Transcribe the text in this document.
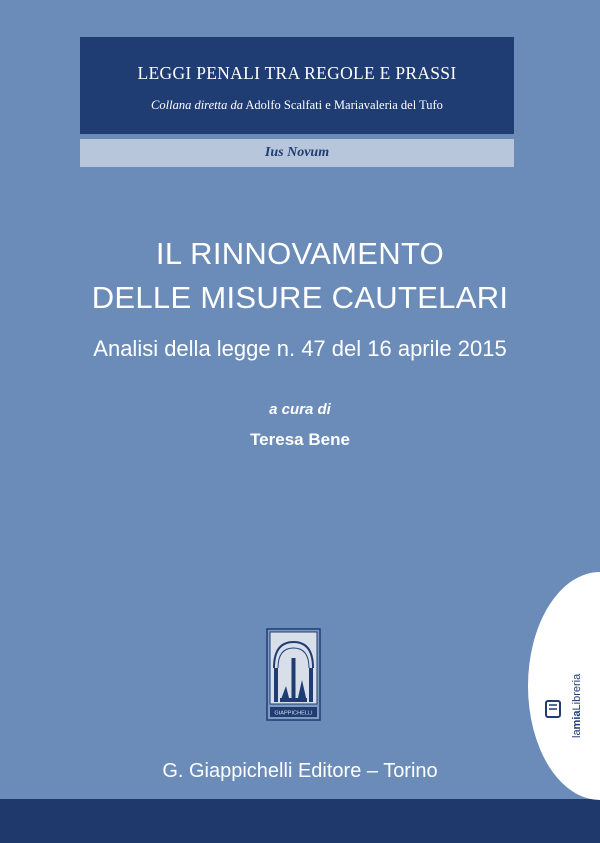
LEGGI PENALI TRA REGOLE E PRASSI
Collana diretta da Adolfo Scalfati e Mariavaleria del Tufo
Ius Novum
IL RINNOVAMENTO
DELLE MISURE CAUTELARI
Analisi della legge n. 47 del 16 aprile 2015
a cura di
Teresa Bene
GIAPPICHELLI
G. Giappichelli Editore – Torino
lamiaLibreria
